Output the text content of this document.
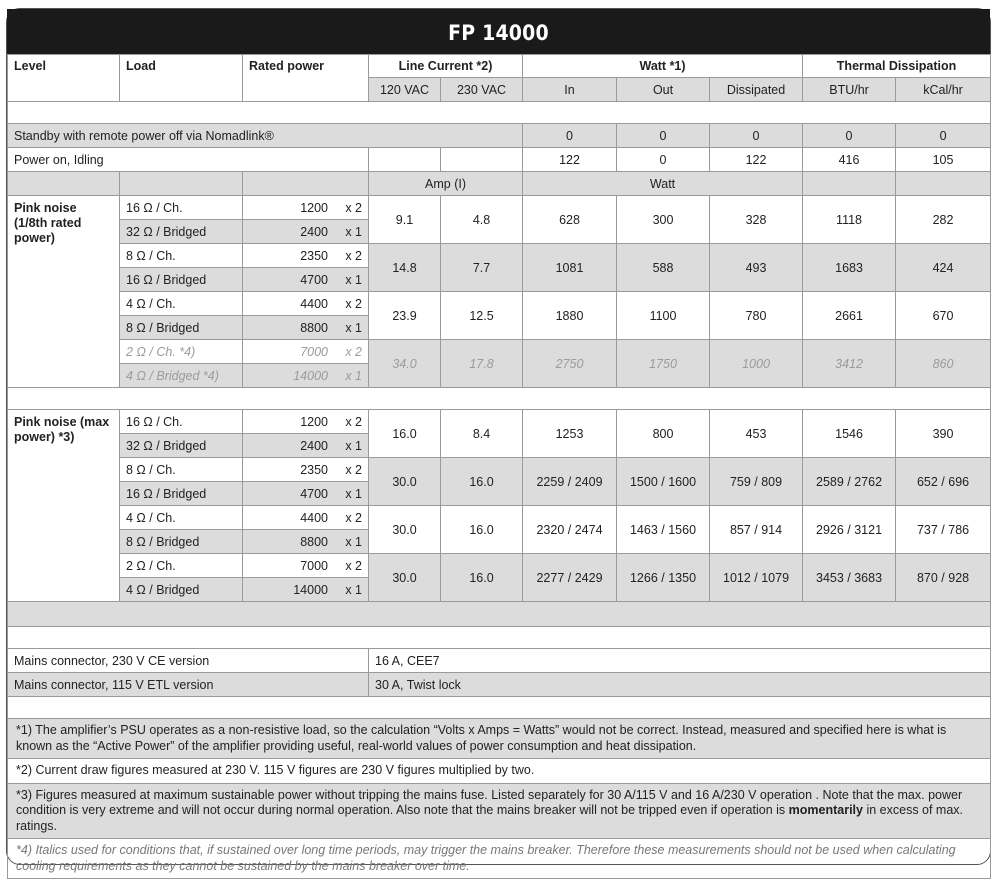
FP 14000
Level	Load	Rated power	Line Current *2)		Watt *1)			Thermal Dissipation	
			120 VAC	230 VAC	In	Out	Dissipated	BTU/hr	kCal/hr

Standby with remote power off via Nomadlink®					0	0	0	0	0
Power on, Idling					122	0	122	416	105
			Amp (I)		Watt				

Pink noise (1/8th rated power)	16 Ω / Ch.	1200 x 2	9.1	4.8	628	300	328	1118	282
	32 Ω / Bridged	2400 x 1							
	8 Ω / Ch.	2350 x 2	14.8	7.7	1081	588	493	1683	424
	16 Ω / Bridged	4700 x 1							
	4 Ω / Ch.	4400 x 2	23.9	12.5	1880	1100	780	2661	670
	8 Ω / Bridged	8800 x 1							
	2 Ω / Ch. *4)	7000 x 2	34.0	17.8	2750	1750	1000	3412	860
	4 Ω / Bridged *4)	14000 x 1							

Pink noise (max power) *3)	16 Ω / Ch.	1200 x 2	16.0	8.4	1253	800	453	1546	390
	32 Ω / Bridged	2400 x 1							
	8 Ω / Ch.	2350 x 2	30.0	16.0	2259 / 2409	1500 / 1600	759 / 809	2589 / 2762	652 / 696
	16 Ω / Bridged	4700 x 1							
	4 Ω / Ch.	4400 x 2	30.0	16.0	2320 / 2474	1463 / 1560	857 / 914	2926 / 3121	737 / 786
	8 Ω / Bridged	8800 x 1							
	2 Ω / Ch.	7000 x 2	30.0	16.0	2277 / 2429	1266 / 1350	1012 / 1079	3453 / 3683	870 / 928
	4 Ω / Bridged	14000 x 1							

Mains connector, 230 V CE version			16 A, CEE7						
Mains connector, 115 V ETL version			30 A, Twist lock						

*1) The amplifier’s PSU operates as a non-resistive load, so the calculation “Volts x Amps = Watts” would not be correct. Instead, measured and specified here is what is known as the “Active Power” of the amplifier providing useful, real-world values of power consumption and heat dissipation.									
*2) Current draw figures measured at 230 V. 115 V figures are 230 V figures multiplied by two.									
*3) Figures measured at maximum sustainable power without tripping the mains fuse. Listed separately for 30 A/115 V and 16 A/230 V operation . Note that the max. power condition is very extreme and will not occur during normal operation. Also note that the mains breaker will not be tripped even if operation is momentarily in excess of max. ratings.									
*4) Italics used for conditions that, if sustained over long time periods, may trigger the mains breaker. Therefore these measurements should not be used when calculating cooling requirements as they cannot be sustained by the mains breaker over time.									
